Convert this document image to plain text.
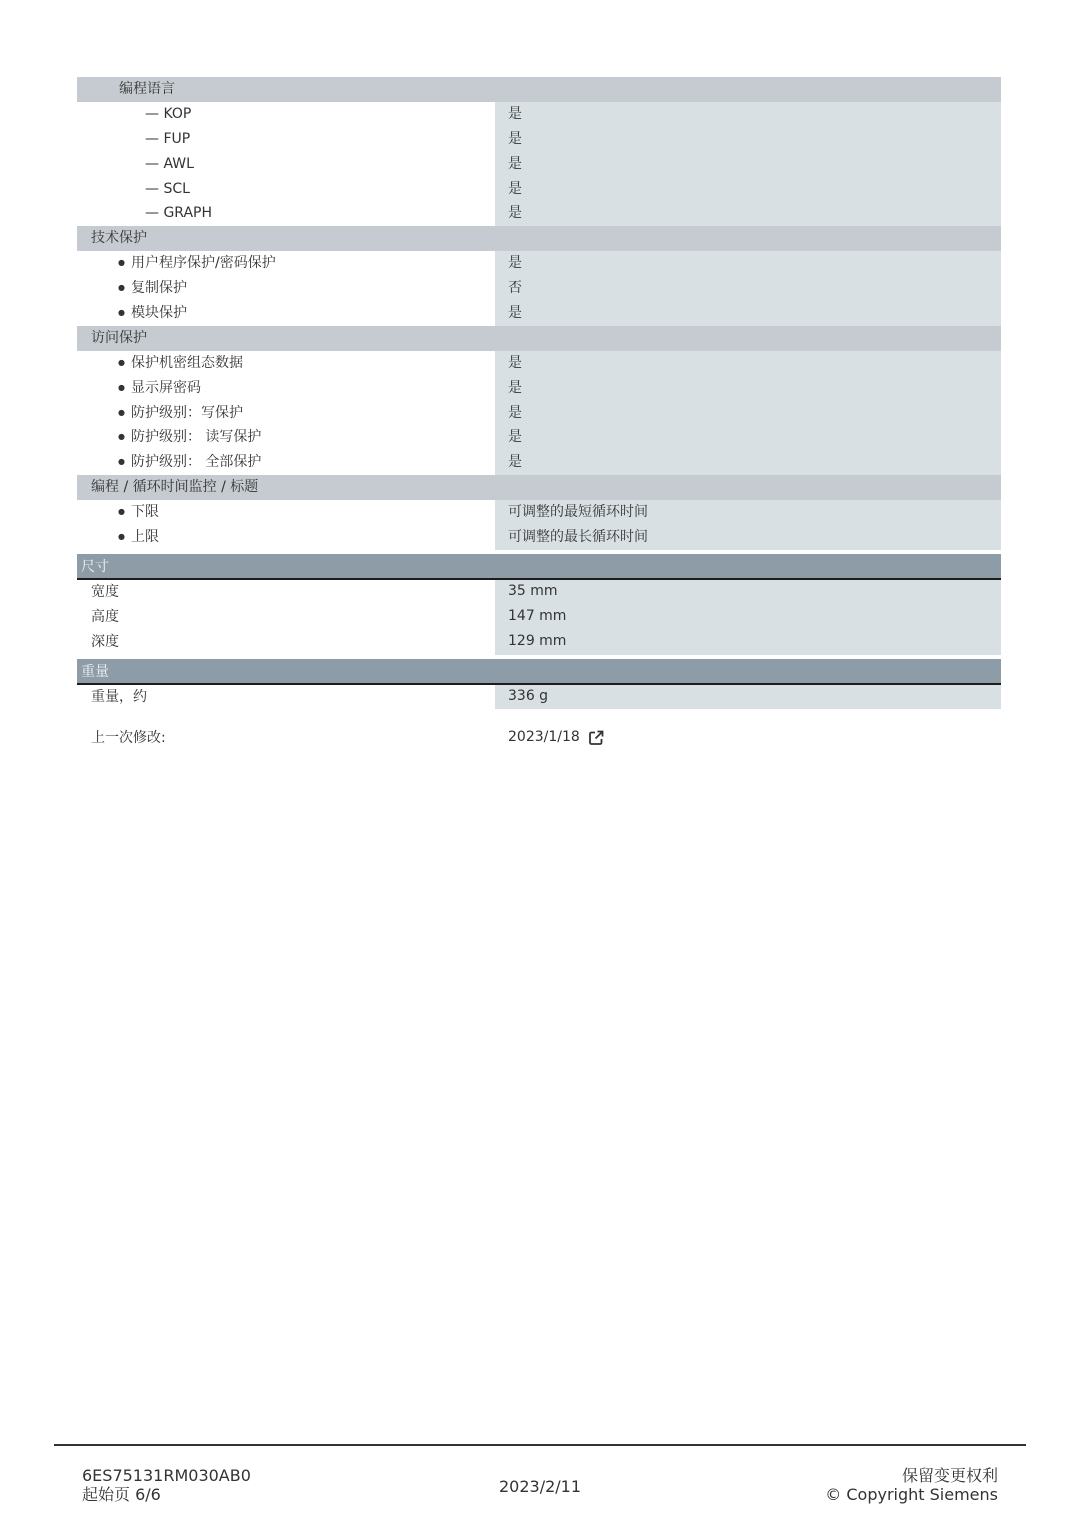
编程语言
— KOP	是
— FUP	是
— AWL	是
— SCL	是
— GRAPH	是
技术保护
● 用户程序保护/密码保护	是
● 复制保护	否
● 模块保护	是
访问保护
● 保护机密组态数据	是
● 显示屏密码	是
● 防护级别：写保护	是
● 防护级别： 读写保护	是
● 防护级别： 全部保护	是
编程 / 循环时间监控 / 标题
● 下限	可调整的最短循环时间
● 上限	可调整的最长循环时间
尺寸
宽度	35 mm
高度	147 mm
深度	129 mm
重量
重量，约	336 g
上一次修改:	2023/1/18
6ES75131RM030AB0
起始页 6/6	2023/2/11
保留变更权利
© Copyright Siemens
